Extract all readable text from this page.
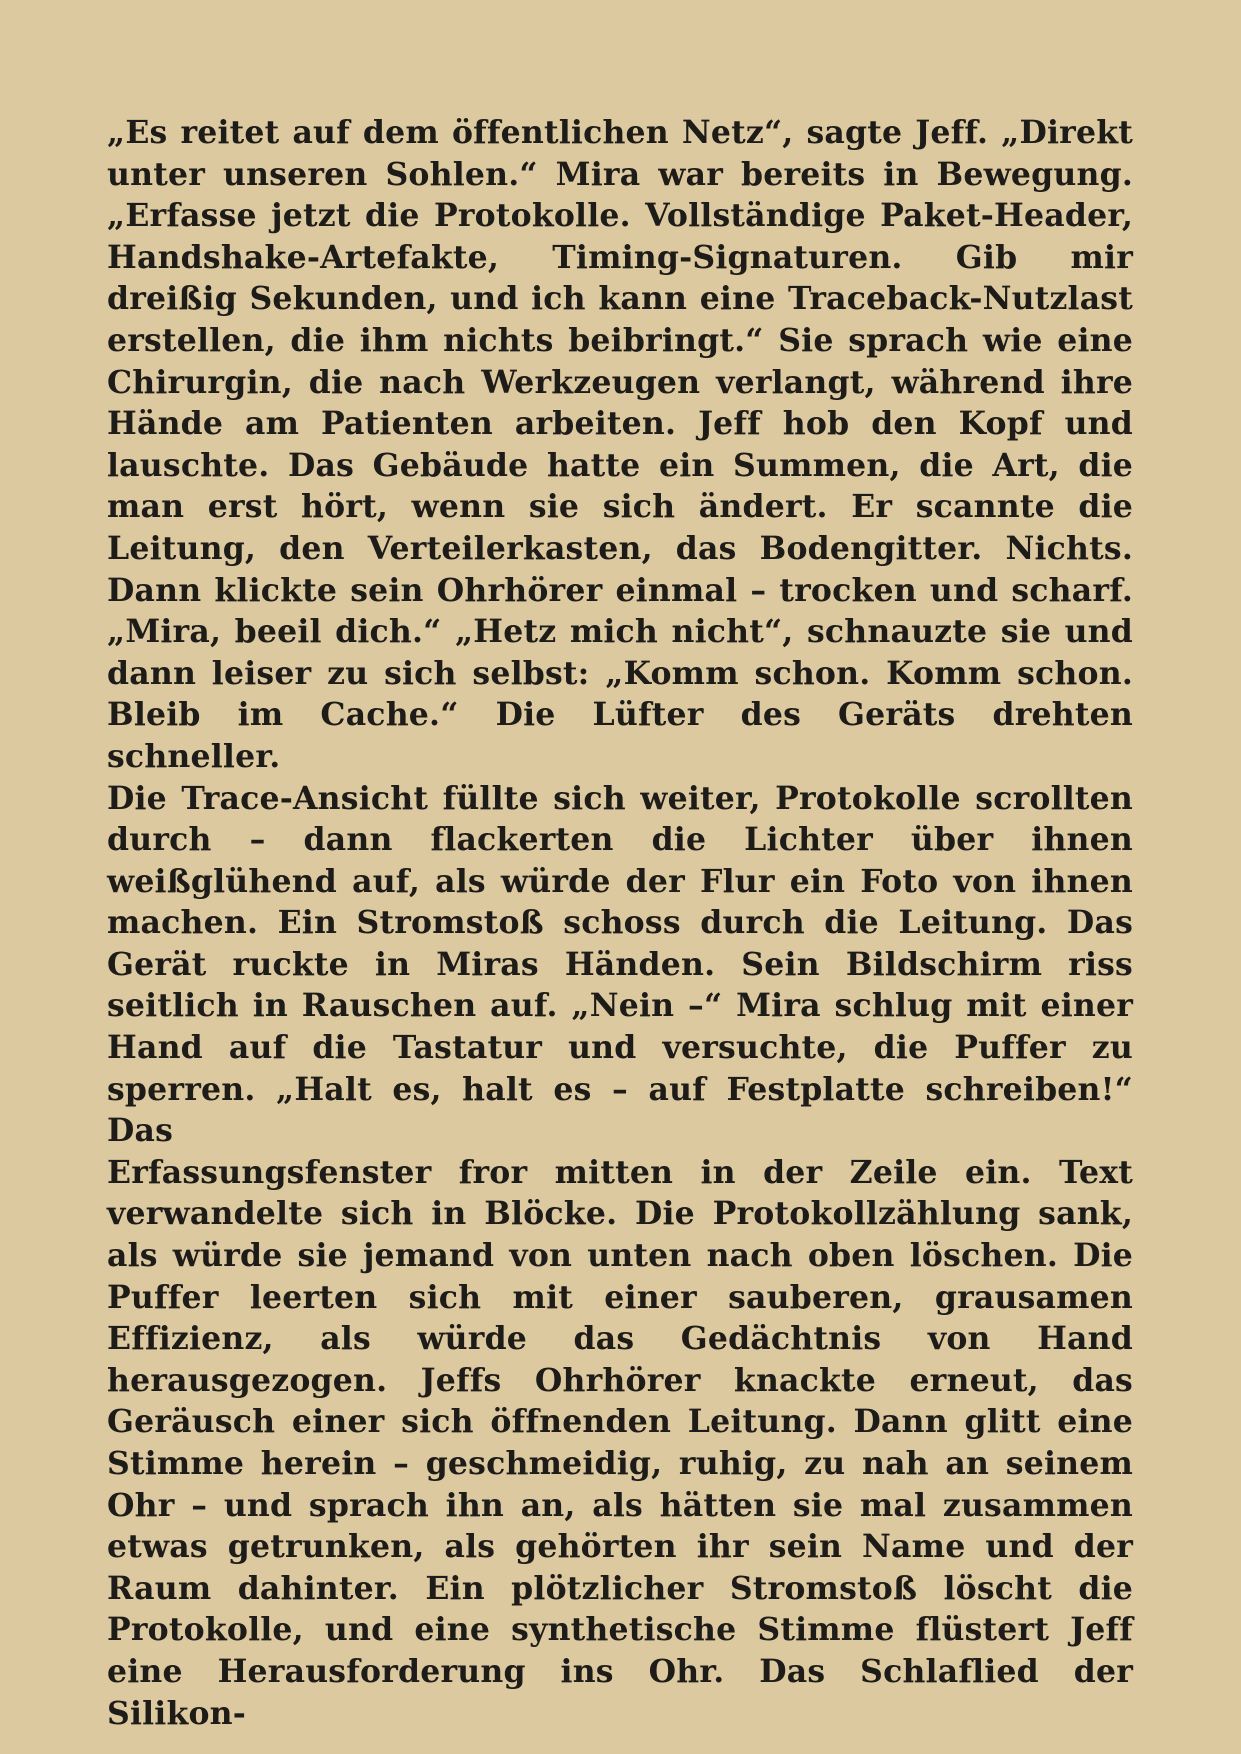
„Es reitet auf dem öffentlichen Netz“, sagte Jeff. „Direkt
unter unseren Sohlen.“ Mira war bereits in Bewegung.
„Erfasse jetzt die Protokolle. Vollständige Paket-Header,
Handshake-Artefakte, Timing-Signaturen. Gib mir
dreißig Sekunden, und ich kann eine Traceback-Nutzlast
erstellen, die ihm nichts beibringt.“ Sie sprach wie eine
Chirurgin, die nach Werkzeugen verlangt, während ihre
Hände am Patienten arbeiten. Jeff hob den Kopf und
lauschte. Das Gebäude hatte ein Summen, die Art, die
man erst hört, wenn sie sich ändert. Er scannte die
Leitung, den Verteilerkasten, das Bodengitter. Nichts.
Dann klickte sein Ohrhörer einmal – trocken und scharf.
„Mira, beeil dich.“ „Hetz mich nicht“, schnauzte sie und
dann leiser zu sich selbst: „Komm schon. Komm schon.
Bleib im Cache.“ Die Lüfter des Geräts drehten schneller.
Die Trace-Ansicht füllte sich weiter, Protokolle scrollten
durch – dann flackerten die Lichter über ihnen
weißglühend auf, als würde der Flur ein Foto von ihnen
machen. Ein Stromstoß schoss durch die Leitung. Das
Gerät ruckte in Miras Händen. Sein Bildschirm riss
seitlich in Rauschen auf. „Nein –“ Mira schlug mit einer
Hand auf die Tastatur und versuchte, die Puffer zu
sperren. „Halt es, halt es – auf Festplatte schreiben!“ Das
Erfassungsfenster fror mitten in der Zeile ein. Text
verwandelte sich in Blöcke. Die Protokollzählung sank,
als würde sie jemand von unten nach oben löschen. Die
Puffer leerten sich mit einer sauberen, grausamen
Effizienz, als würde das Gedächtnis von Hand
herausgezogen. Jeffs Ohrhörer knackte erneut, das
Geräusch einer sich öffnenden Leitung. Dann glitt eine
Stimme herein – geschmeidig, ruhig, zu nah an seinem
Ohr – und sprach ihn an, als hätten sie mal zusammen
etwas getrunken, als gehörten ihr sein Name und der
Raum dahinter. Ein plötzlicher Stromstoß löscht die
Protokolle, und eine synthetische Stimme flüstert Jeff
eine Herausforderung ins Ohr. Das Schlaflied der Silikon-
